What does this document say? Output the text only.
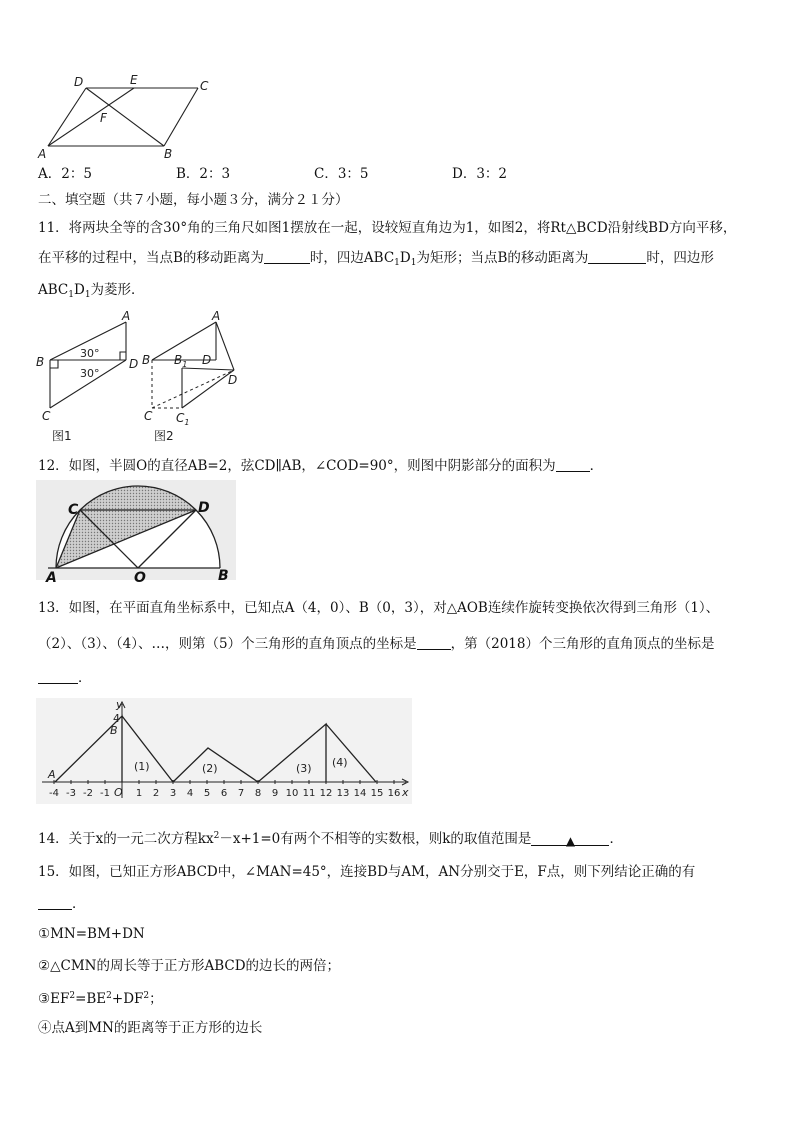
D	E	C
F
A	B
A．2：5	B．2：3	C．3：5	D．3：2
二、填空题（共７小题，每小题３分，满分２１分）
11．将两块全等的含30°角的三角尺如图1摆放在一起，设较短直角边为1，如图2，将Rt△BCD沿射线BD方向平移，
在平移的过程中，当点B的移动距离为	时，四边$ABC_1D_1$为矩形；当点B的移动距离为	时，四边形
$ABC_1D_1$为菱形．
A
B	D
C
30°
30°
图1
A
B $B_1$ D
D
C $C_1$
图2
12．如图，半圆O的直径AB=2，弦CD∥AB，∠COD=90°，则图中阴影部分的面积为	．
C	D
A	O	B
13．如图，在平面直角坐标系中，已知点A（4，0）、B（0，3），对△AOB连续作旋转变换依次得到三角形（1）、
（2）、（3）、（4）、…，则第（5）个三角形的直角顶点的坐标是	，第（2018）个三角形的直角顶点的坐标是
．
-4 -3 -2 -1	1 2 3 4 5 6 7 8 9 10 11 12 13 14 15 16
y
x
4
B
A
O
(1)	(2)	(3) (4)
14．关于x的一元二次方程$kx^2-x+1=0$有两个不相等的实数根，则k的取值范围是	▲	．
15．如图，已知正方形ABCD中，∠MAN=45°，连接BD与AM，AN分别交于E，F点，则下列结论正确的有
．
①MN=BM+DN
②△CMN的周长等于正方形ABCD的边长的两倍；
$③EF^2=BE^2+DF^2$；
④点A到MN的距离等于正方形的边长
